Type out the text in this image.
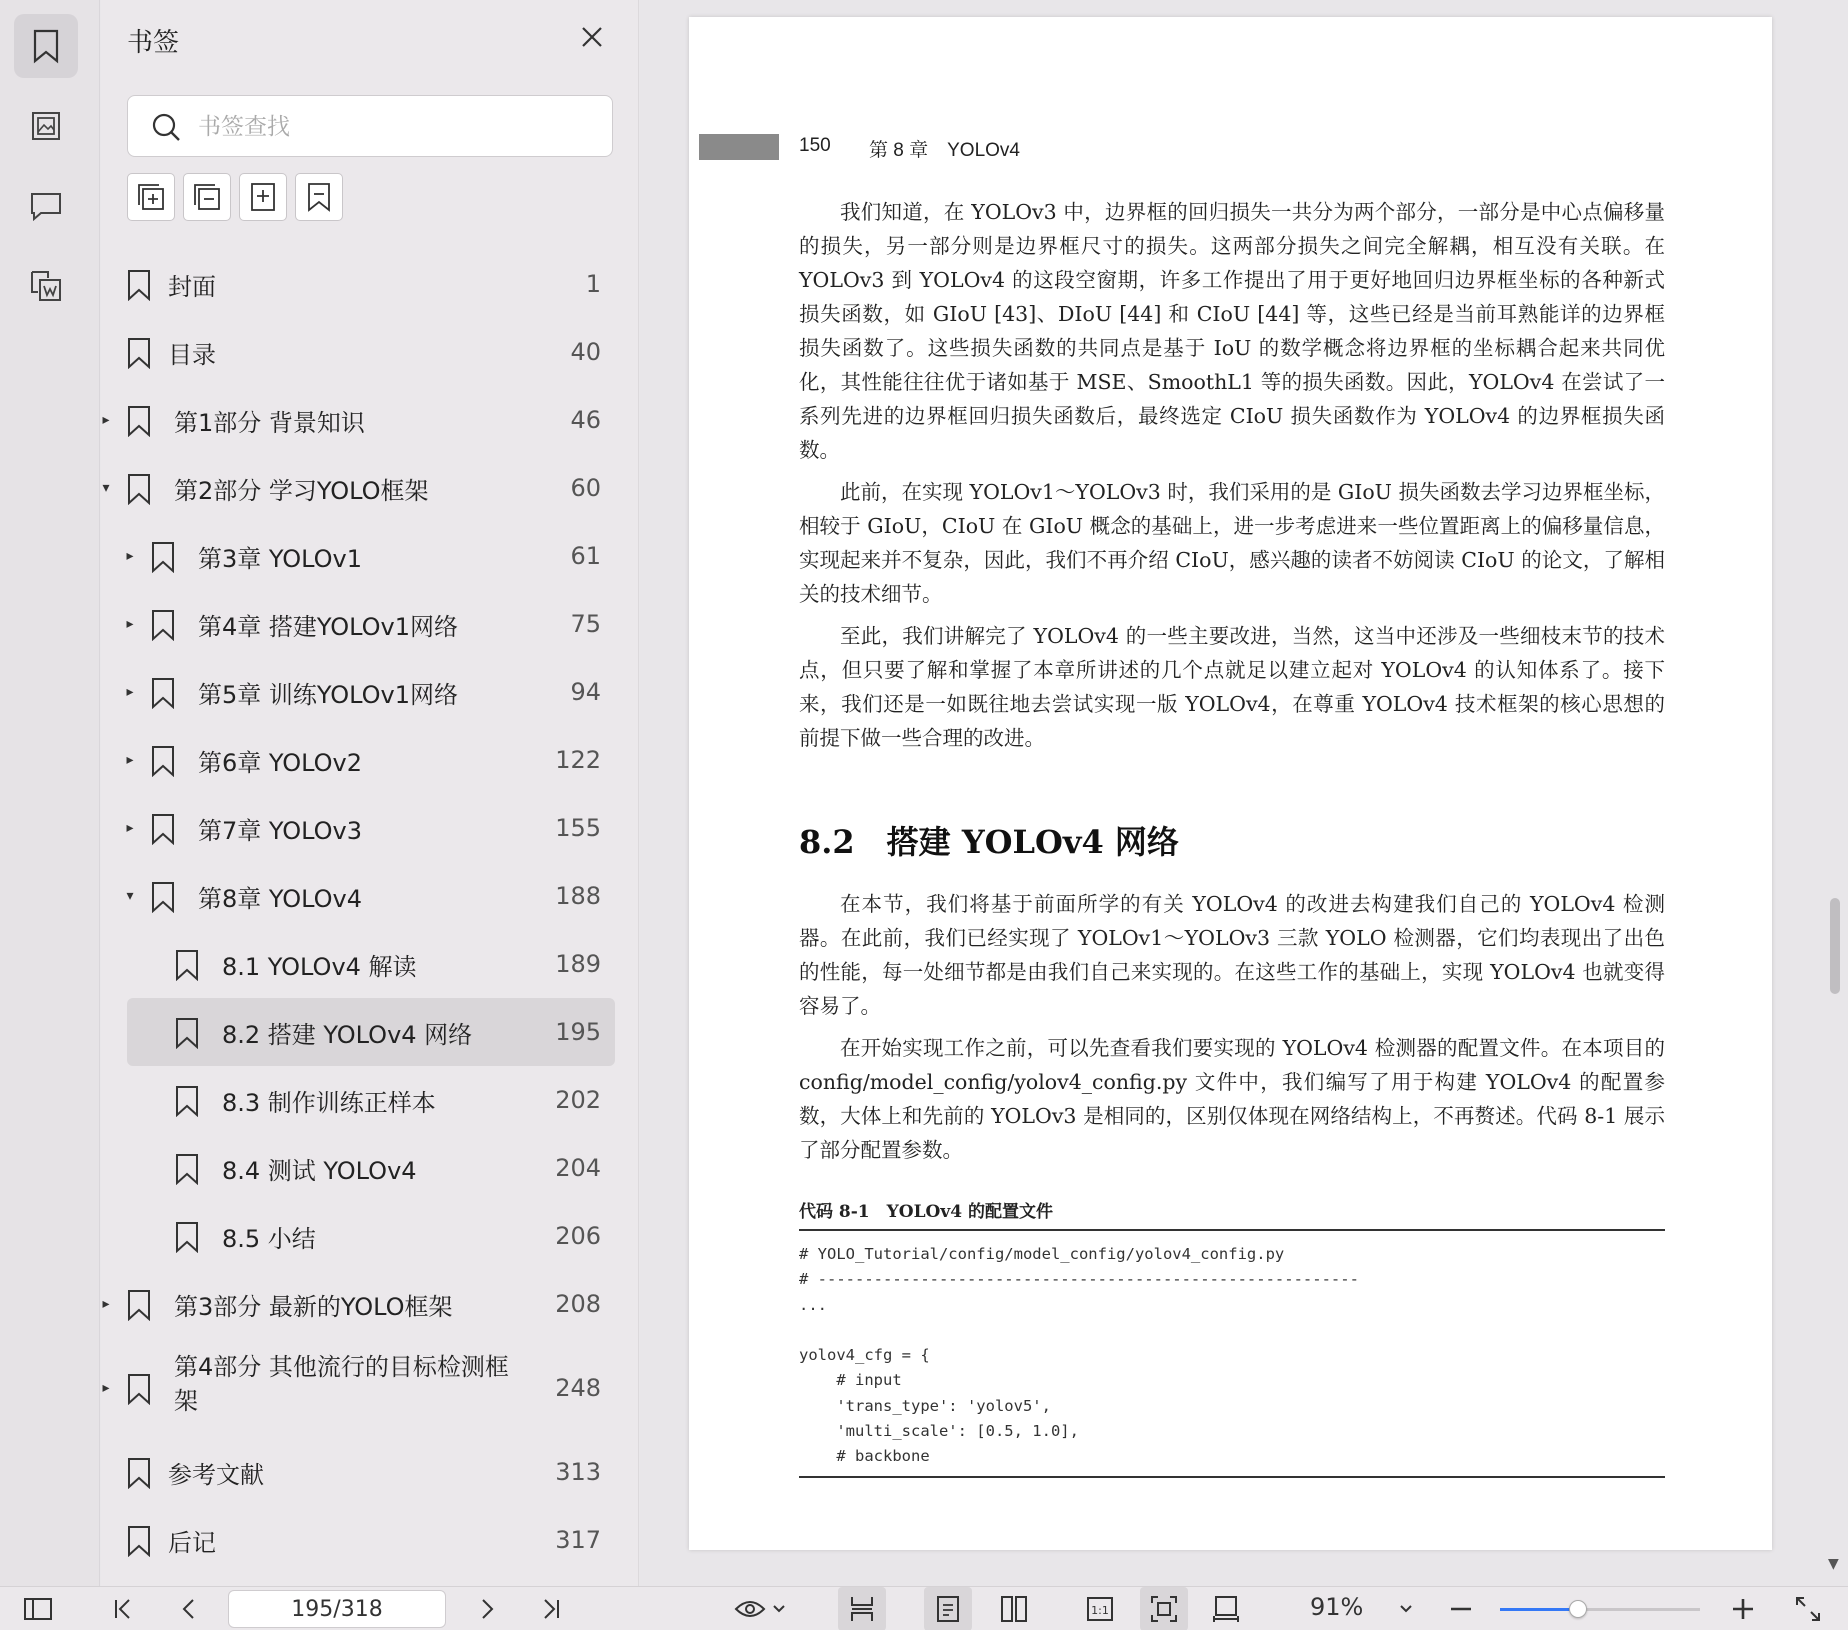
书签
书签查找
封面	1
目录	40
▸	第1部分 背景知识	46
▾	第2部分 学习YOLO框架	60
▸	第3章 YOLOv1	61
▸	第4章 搭建YOLOv1网络	75
▸	第5章 训练YOLOv1网络	94
▸	第6章 YOLOv2	122
▸	第7章 YOLOv3	155
▾	第8章 YOLOv4	188
8.1 YOLOv4 解读	189
8.2 搭建 YOLOv4 网络	195
8.3 制作训练正样本	202
8.4 测试 YOLOv4	204
8.5 小结	206
▸	第3部分 最新的YOLO框架	208
▸
第4部分 其他流行的目标检测框架	248
参考文献	313
后记	317
150 第 8 章　YOLOv4

我们知道，在 YOLOv3 中，边界框的回归损失一共分为两个部分，一部分是中心点偏移量的损失，另一部分则是边界框尺寸的损失。这两部分损失之间完全解耦，相互没有关联。在 YOLOv3 到 YOLOv4 的这段空窗期，许多工作提出了用于更好地回归边界框坐标的各种新式损失函数，如 GIoU [43]、DIoU [44] 和 CIoU [44] 等，这些已经是当前耳熟能详的边界框损失函数了。这些损失函数的共同点是基于 IoU 的数学概念将边界框的坐标耦合起来共同优化，其性能往往优于诸如基于 MSE、SmoothL1 等的损失函数。因此，YOLOv4 在尝试了一系列先进的边界框回归损失函数后，最终选定 CIoU 损失函数作为 YOLOv4 的边界框损失函数。

此前，在实现 YOLOv1～YOLOv3 时，我们采用的是 GIoU 损失函数去学习边界框坐标，相较于 GIoU，CIoU 在 GIoU 概念的基础上，进一步考虑进来一些位置距离上的偏移量信息，实现起来并不复杂，因此，我们不再介绍 CIoU，感兴趣的读者不妨阅读 CIoU 的论文，了解相关的技术细节。

至此，我们讲解完了 YOLOv4 的一些主要改进，当然，这当中还涉及一些细枝末节的技术点，但只要了解和掌握了本章所讲述的几个点就足以建立起对 YOLOv4 的认知体系了。接下来，我们还是一如既往地去尝试实现一版 YOLOv4，在尊重 YOLOv4 技术框架的核心思想的前提下做一些合理的改进。

8.2　搭建 YOLOv4 网络

在本节，我们将基于前面所学的有关 YOLOv4 的改进去构建我们自己的 YOLOv4 检测器。在此前，我们已经实现了 YOLOv1～YOLOv3 三款 YOLO 检测器，它们均表现出了出色的性能，每一处细节都是由我们自己来实现的。在这些工作的基础上，实现 YOLOv4 也就变得容易了。

在开始实现工作之前，可以先查看我们要实现的 YOLOv4 检测器的配置文件。在本项目的 config/model_config/yolov4_config.py 文件中，我们编写了用于构建 YOLOv4 的配置参数，大体上和先前的 YOLOv3 是相同的，区别仅体现在网络结构上，不再赘述。代码 8-1 展示了部分配置参数。

代码 8-1　YOLOv4 的配置文件
# YOLO_Tutorial/config/model_config/yolov4_config.py
# ----------------------------------------------------------
...

yolov4_cfg = {
# input
'trans_type': 'yolov5',
'multi_scale': [0.5, 1.0],
# backbone
▼
195/318
1:1	91%
